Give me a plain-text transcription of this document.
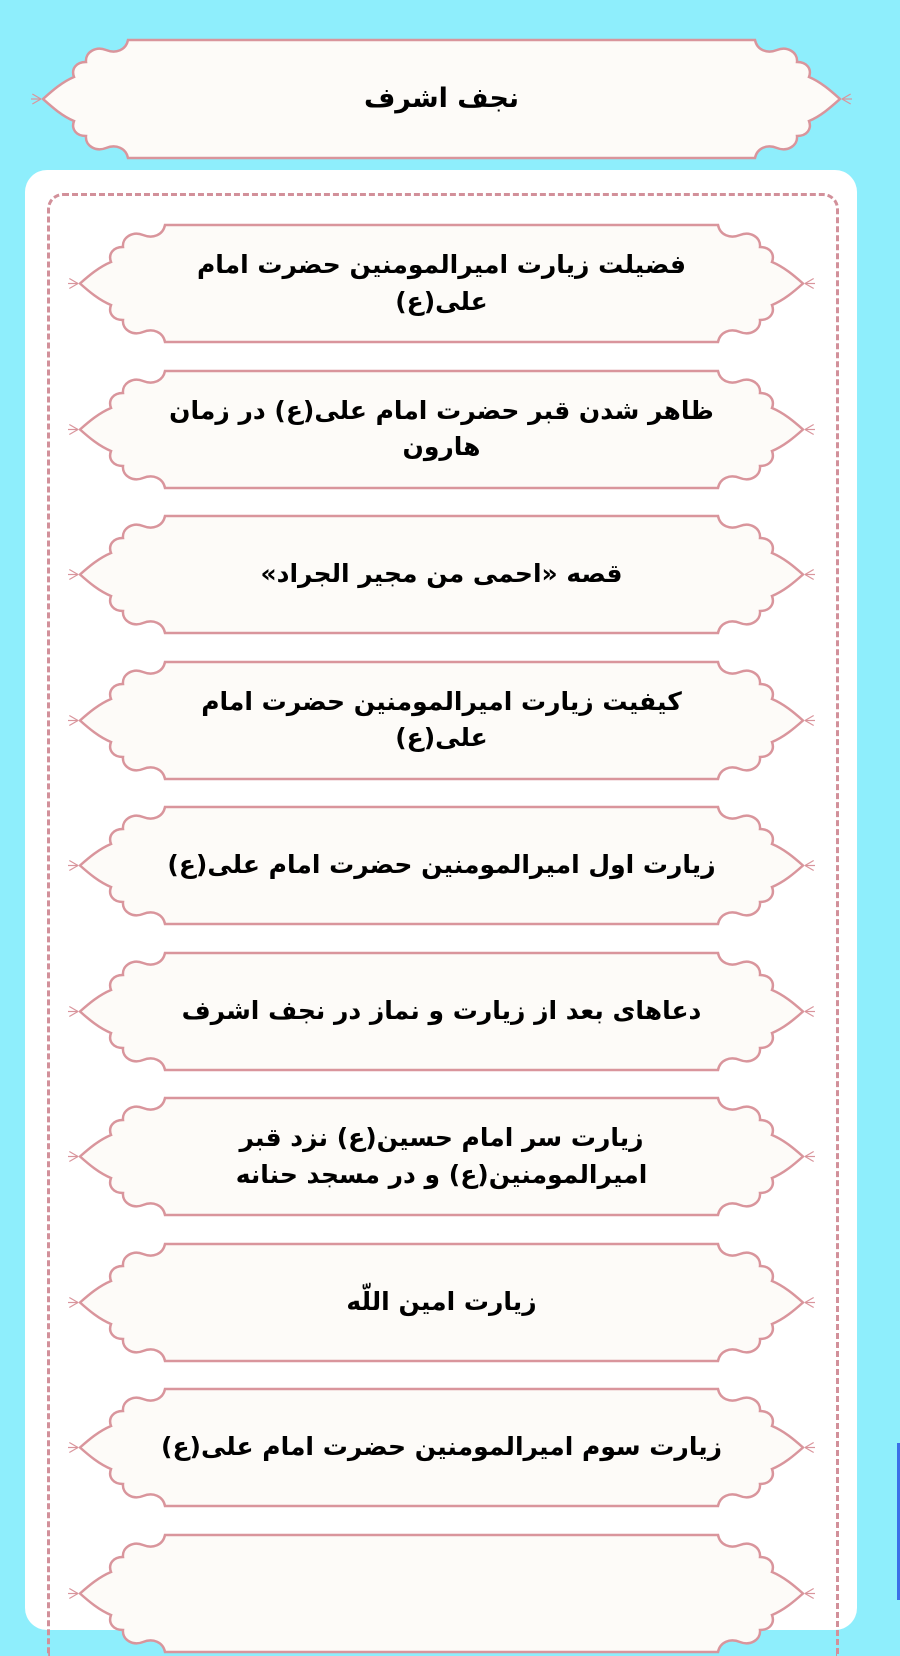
نجف اشرف
فضیلت زیارت امیرالمومنین حضرت امام علی(ع)
ظاهر شدن قبر حضرت امام علی(ع) در زمان هارون
قصه «احمی من مجیر الجراد»
کیفیت زیارت امیرالمومنین حضرت امام علی(ع)
زیارت اول امیرالمومنین حضرت امام علی(ع)
دعاهای بعد از زیارت و نماز در نجف اشرف
زیارت سر امام حسین(ع) نزد قبر امیرالمومنین(ع) و در مسجد حنانه
زیارت امین اللّه
زیارت سوم امیرالمومنین حضرت امام علی(ع)
